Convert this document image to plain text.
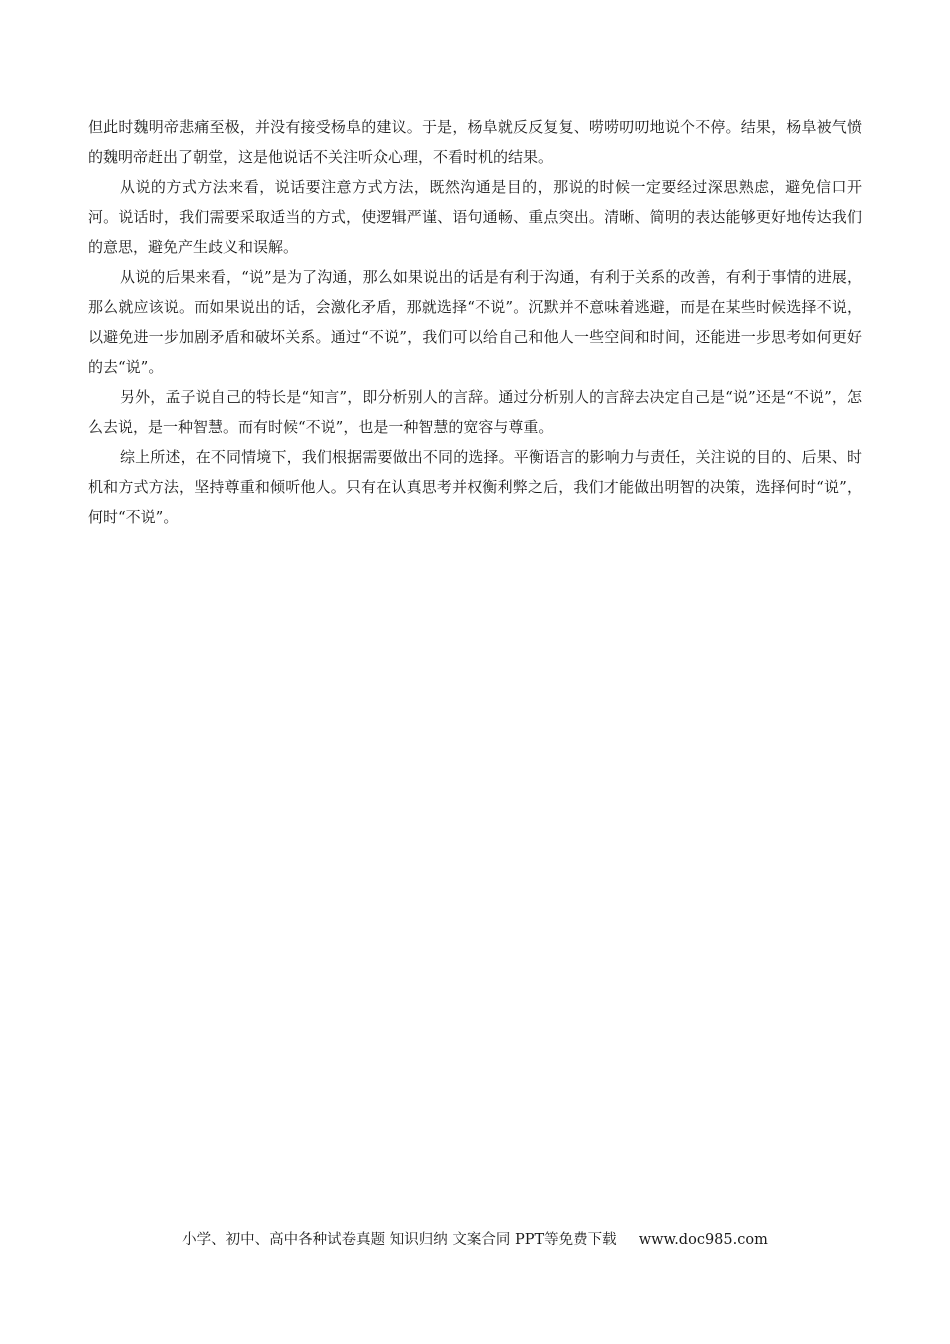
但此时魏明帝悲痛至极，并没有接受杨阜的建议。于是，杨阜就反反复复、唠唠叨叨地说个不停。结果，杨阜被气愤的魏明帝赶出了朝堂，这是他说话不关注听众心理，不看时机的结果。

从说的方式方法来看，说话要注意方式方法，既然沟通是目的，那说的时候一定要经过深思熟虑，避免信口开河。说话时，我们需要采取适当的方式，使逻辑严谨、语句通畅、重点突出。清晰、简明的表达能够更好地传达我们的意思，避免产生歧义和误解。

从说的后果来看，“说”是为了沟通，那么如果说出的话是有利于沟通，有利于关系的改善，有利于事情的进展，那么就应该说。而如果说出的话，会激化矛盾，那就选择“不说”。沉默并不意味着逃避，而是在某些时候选择不说，以避免进一步加剧矛盾和破坏关系。通过“不说”，我们可以给自己和他人一些空间和时间，还能进一步思考如何更好的去“说”。

另外，孟子说自己的特长是“知言”，即分析别人的言辞。通过分析别人的言辞去决定自己是“说”还是“不说”，怎么去说，是一种智慧。而有时候“不说”，也是一种智慧的宽容与尊重。

综上所述，在不同情境下，我们根据需要做出不同的选择。平衡语言的影响力与责任，关注说的目的、后果、时机和方式方法，坚持尊重和倾听他人。只有在认真思考并权衡利弊之后，我们才能做出明智的决策，选择何时“说”，何时“不说”。

小学、初中、高中各种试卷真题 知识归纳 文案合同 PPT等免费下载 www.doc985.com
